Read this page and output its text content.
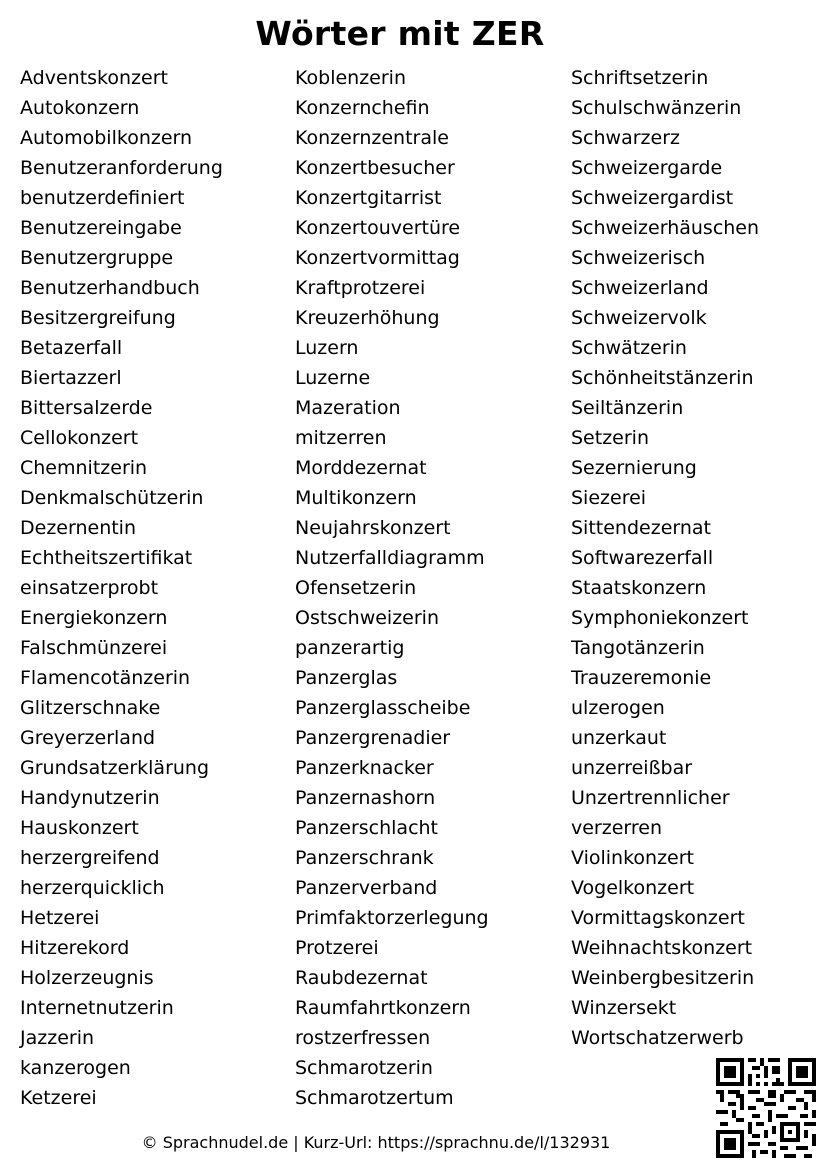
Wörter mit ZER
Adventskonzert
Autokonzern
Automobilkonzern
Benutzeranforderung
benutzerdefiniert
Benutzereingabe
Benutzergruppe
Benutzerhandbuch
Besitzergreifung
Betazerfall
Biertazzerl
Bittersalzerde
Cellokonzert
Chemnitzerin
Denkmalschützerin
Dezernentin
Echtheitszertifikat
einsatzerprobt
Energiekonzern
Falschmünzerei
Flamencotänzerin
Glitzerschnake
Greyerzerland
Grundsatzerklärung
Handynutzerin
Hauskonzert
herzergreifend
herzerquicklich
Hetzerei
Hitzerekord
Holzerzeugnis
Internetnutzerin
Jazzerin
kanzerogen
Ketzerei
Koblenzerin
Konzernchefin
Konzernzentrale
Konzertbesucher
Konzertgitarrist
Konzertouvertüre
Konzertvormittag
Kraftprotzerei
Kreuzerhöhung
Luzern
Luzerne
Mazeration
mitzerren
Morddezernat
Multikonzern
Neujahrskonzert
Nutzerfalldiagramm
Ofensetzerin
Ostschweizerin
panzerartig
Panzerglas
Panzerglasscheibe
Panzergrenadier
Panzerknacker
Panzernashorn
Panzerschlacht
Panzerschrank
Panzerverband
Primfaktorzerlegung
Protzerei
Raubdezernat
Raumfahrtkonzern
rostzerfressen
Schmarotzerin
Schmarotzertum
Schriftsetzerin
Schulschwänzerin
Schwarzerz
Schweizergarde
Schweizergardist
Schweizerhäuschen
Schweizerisch
Schweizerland
Schweizervolk
Schwätzerin
Schönheitstänzerin
Seiltänzerin
Setzerin
Sezernierung
Siezerei
Sittendezernat
Softwarezerfall
Staatskonzern
Symphoniekonzert
Tangotänzerin
Trauzeremonie
ulzerogen
unzerkaut
unzerreißbar
Unzertrennlicher
verzerren
Violinkonzert
Vogelkonzert
Vormittagskonzert
Weihnachtskonzert
Weinbergbesitzerin
Winzersekt
Wortschatzerwerb
© Sprachnudel.de | Kurz-Url: https://sprachnu.de/l/132931
